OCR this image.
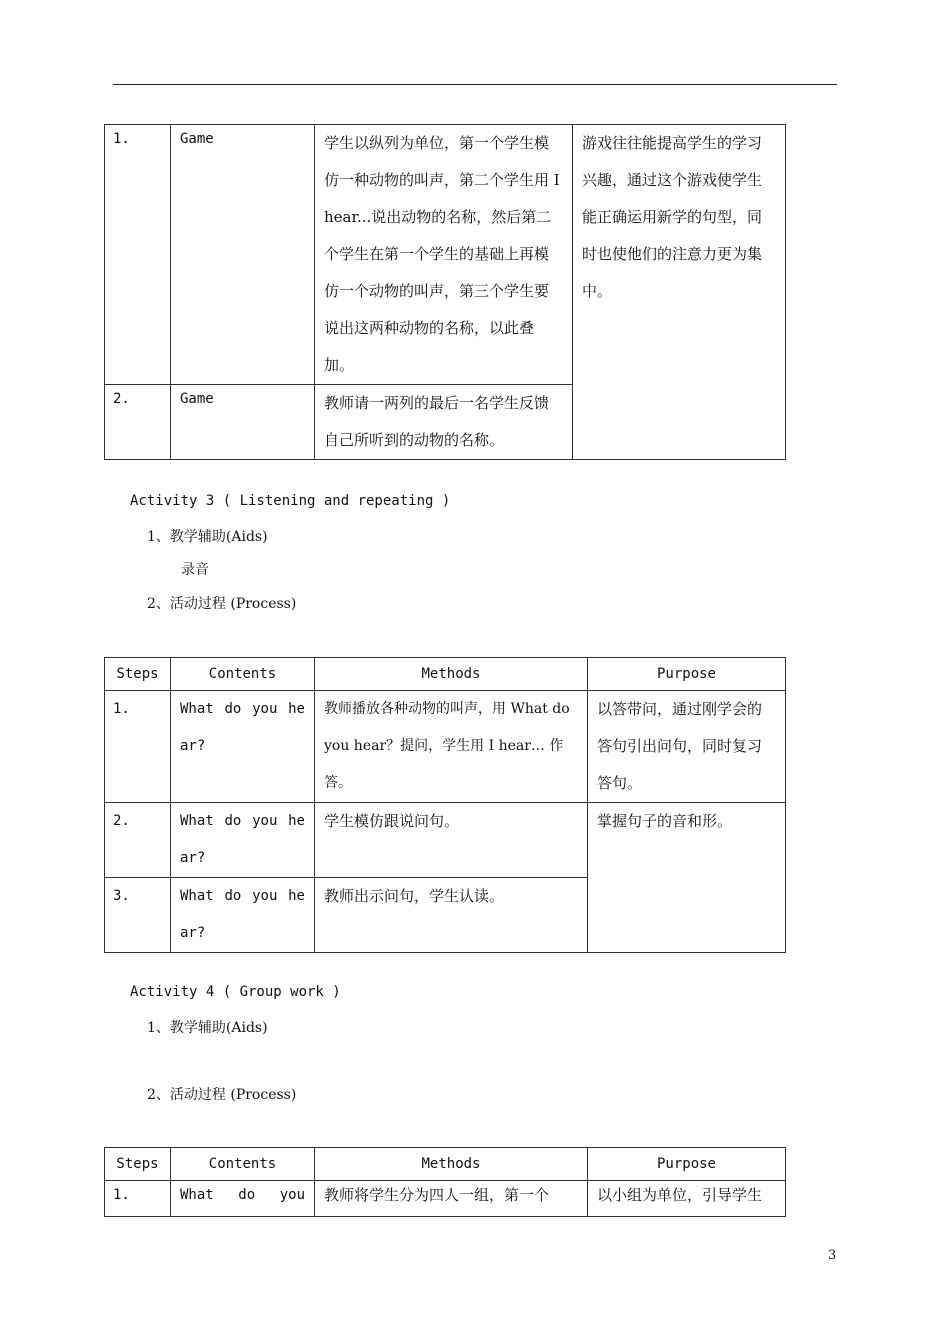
1.	Game	学生以纵列为单位，第一个学生模仿一种动物的叫声，第二个学生用 I hear...说出动物的名称，然后第二个学生在第一个学生的基础上再模仿一个动物的叫声，第三个学生要说出这两种动物的名称，以此叠加。	游戏往往能提高学生的学习兴趣，通过这个游戏使学生能正确运用新学的句型，同时也使他们的注意力更为集中。
2.	Game	教师请一两列的最后一名学生反馈自己所听到的动物的名称。	
Activity 3 ( Listening and repeating )
1、教学辅助(Aids)
录音
2、活动过程 (Process)
Steps	Contents	Methods	Purpose
1.	What do you hear?	教师播放各种动物的叫声，用 What do you hear？提问，学生用 I hear… 作答。	以答带问，通过刚学会的答句引出问句，同时复习答句。
2.	What do you hear?	学生模仿跟说问句。	掌握句子的音和形。
3.	What do you hear?	教师出示问句，学生认读。	
Activity 4 ( Group work )
1、教学辅助(Aids)
2、活动过程 (Process)
Steps	Contents	Methods	Purpose
1.	What do you	教师将学生分为四人一组，第一个	以小组为单位，引导学生
3
